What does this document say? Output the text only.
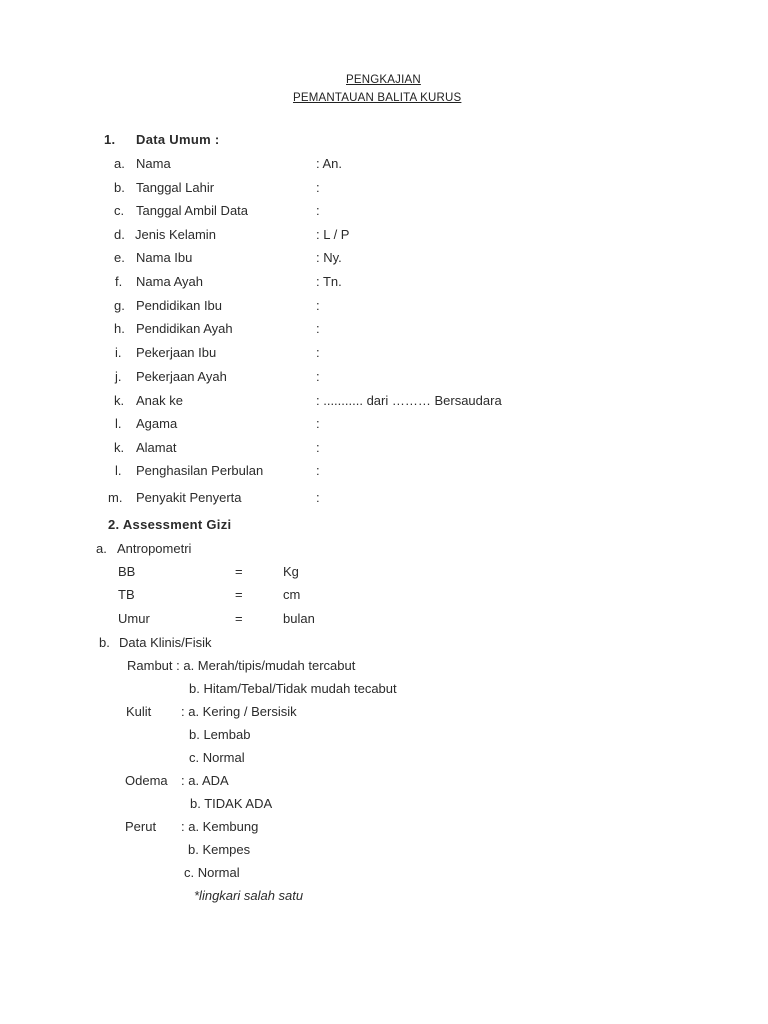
PENGKAJIAN
PEMANTAUAN BALITA KURUS
1. Data Umum :
a. Nama	: An.
b. Tanggal Lahir	:
c. Tanggal Ambil Data	:
d. Jenis Kelamin	: L / P
e. Nama Ibu	: Ny.
f. Nama Ayah	: Tn.
g. Pendidikan Ibu	:
h. Pendidikan Ayah	:
i. Pekerjaan Ibu	:
j. Pekerjaan Ayah	:
k. Anak ke	: ........... dari ……… Bersaudara
l. Agama	:
k. Alamat	:
l. Penghasilan Perbulan	:
m. Penyakit Penyerta	:
2. Assessment Gizi
a. Antropometri
BB	=	Kg
TB	=	cm
Umur	=	bulan
b. Data Klinis/Fisik
Rambut : a. Merah/tipis/mudah tercabut
b. Hitam/Tebal/Tidak mudah tecabut
Kulit : a. Kering / Bersisik
b. Lembab
c. Normal
Odema : a. ADA
b. TIDAK ADA
Perut : a. Kembung
b. Kempes
c. Normal
*lingkari salah satu
